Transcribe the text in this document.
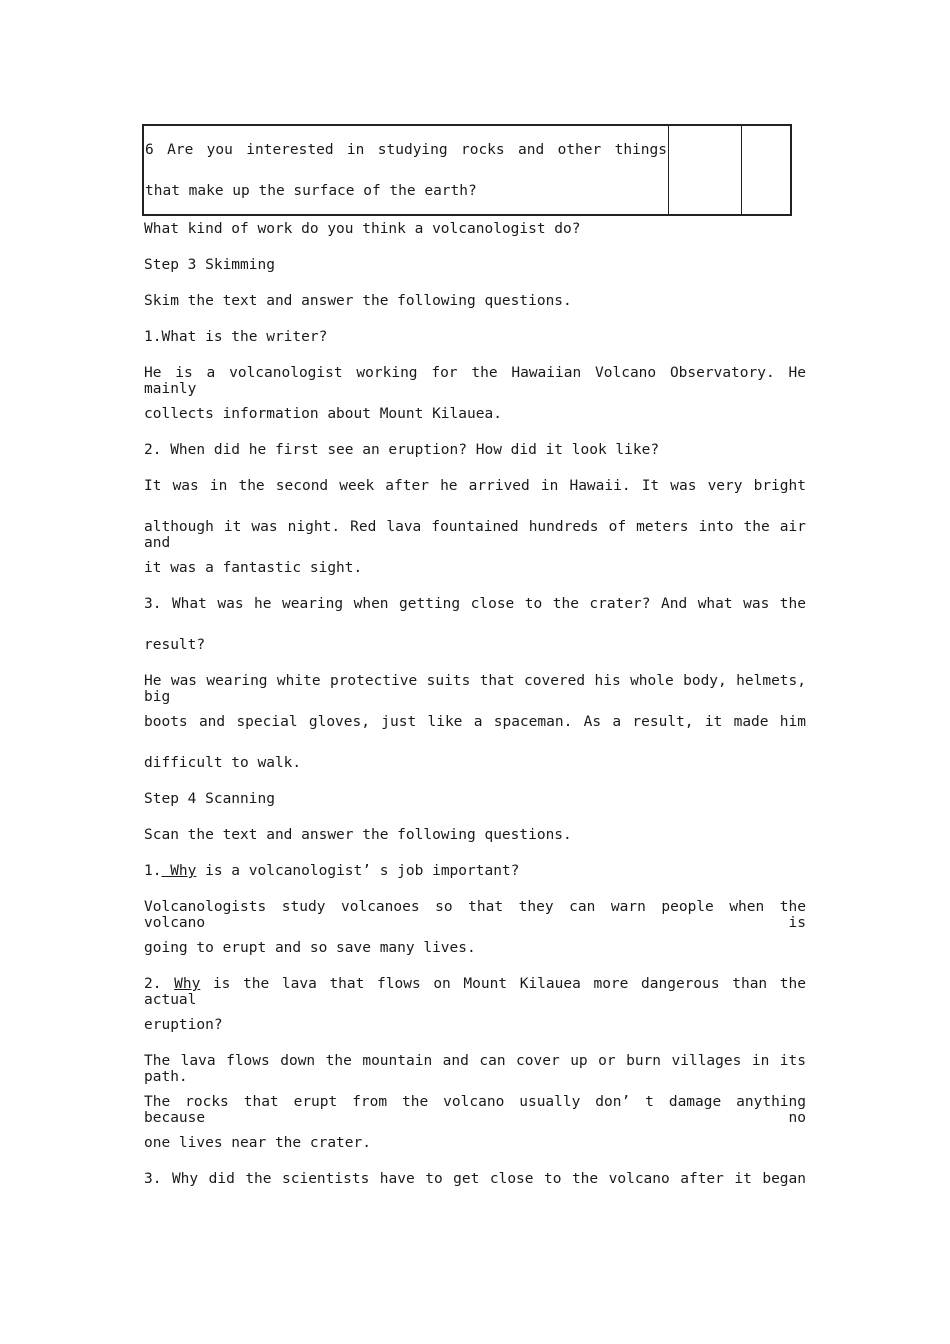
6 Are you interested in studying rocks and other things that make up the surface of the earth?

What kind of work do you think a volcanologist do?
Step 3 Skimming
Skim the text and answer the following questions.
1.What is the writer?
He is a volcanologist working for the Hawaiian Volcano Observatory. He mainly
collects information about Mount Kilauea.
2. When did he first see an eruption? How did it look like?
It was in the second week after he arrived in Hawaii. It was very bright
although it was night. Red lava fountained hundreds of meters into the air and
it was a fantastic sight.
3. What was he wearing when getting close to the crater? And what was the
result?
He was wearing white protective suits that covered his whole body, helmets, big
boots and special gloves, just like a spaceman. As a result, it made him
difficult to walk.
Step 4 Scanning
Scan the text and answer the following questions.
1. Why is a volcanologist’ s job important?
Volcanologists study volcanoes so that they can warn people when the volcano is
going to erupt and so save many lives.
2. Why is the lava that flows on Mount Kilauea more dangerous than the actual
eruption?
The lava flows down the mountain and can cover up or burn villages in its path.
The rocks that erupt from the volcano usually don’ t damage anything because no
one lives near the crater.
3. Why did the scientists have to get close to the volcano after it began
